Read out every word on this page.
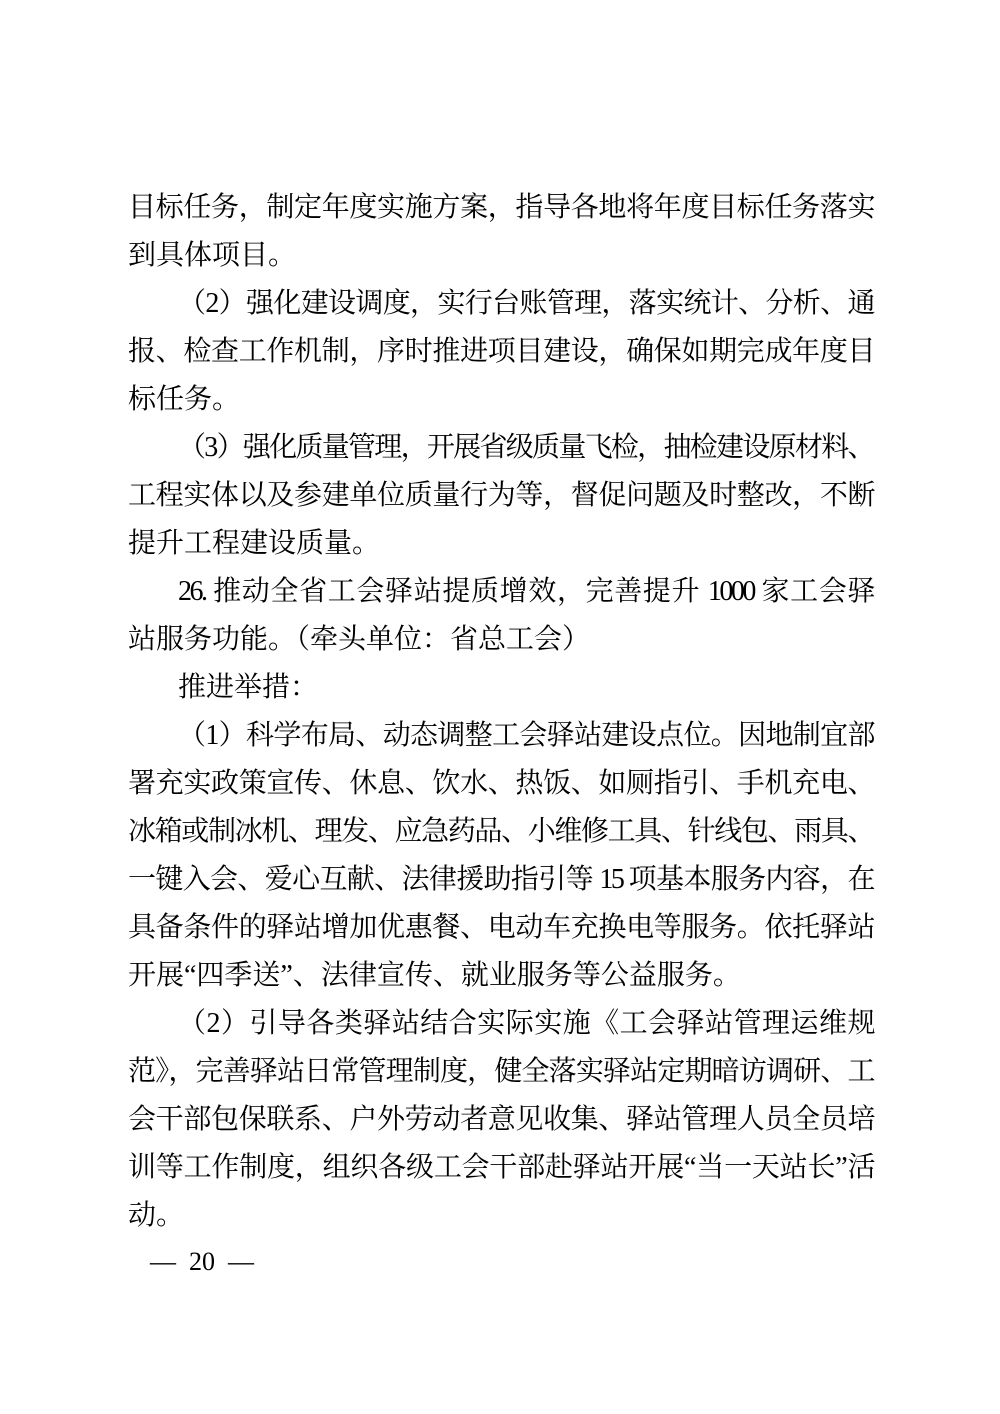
目标任务，制定年度实施方案，指导各地将年度目标任务落实
到具体项目。
（2）强化建设调度，实行台账管理，落实统计、分析、通
报、检查工作机制，序时推进项目建设，确保如期完成年度目
标任务。
（3）强化质量管理，开展省级质量飞检，抽检建设原材料、
工程实体以及参建单位质量行为等，督促问题及时整改，不断
提升工程建设质量。
26. 推动全省工会驿站提质增效，完善提升 1000 家工会驿
站服务功能。（牵头单位：省总工会）
推进举措：
（1）科学布局、动态调整工会驿站建设点位。因地制宜部
署充实政策宣传、休息、饮水、热饭、如厕指引、手机充电、
冰箱或制冰机、理发、应急药品、小维修工具、针线包、雨具、
一键入会、爱心互献、法律援助指引等 15 项基本服务内容，在
具备条件的驿站增加优惠餐、电动车充换电等服务。依托驿站
开展“四季送”、法律宣传、就业服务等公益服务。
（2）引导各类驿站结合实际实施《工会驿站管理运维规
范》，完善驿站日常管理制度，健全落实驿站定期暗访调研、工
会干部包保联系、户外劳动者意见收集、驿站管理人员全员培
训等工作制度，组织各级工会干部赴驿站开展“当一天站长”活
动。
—  20  —
